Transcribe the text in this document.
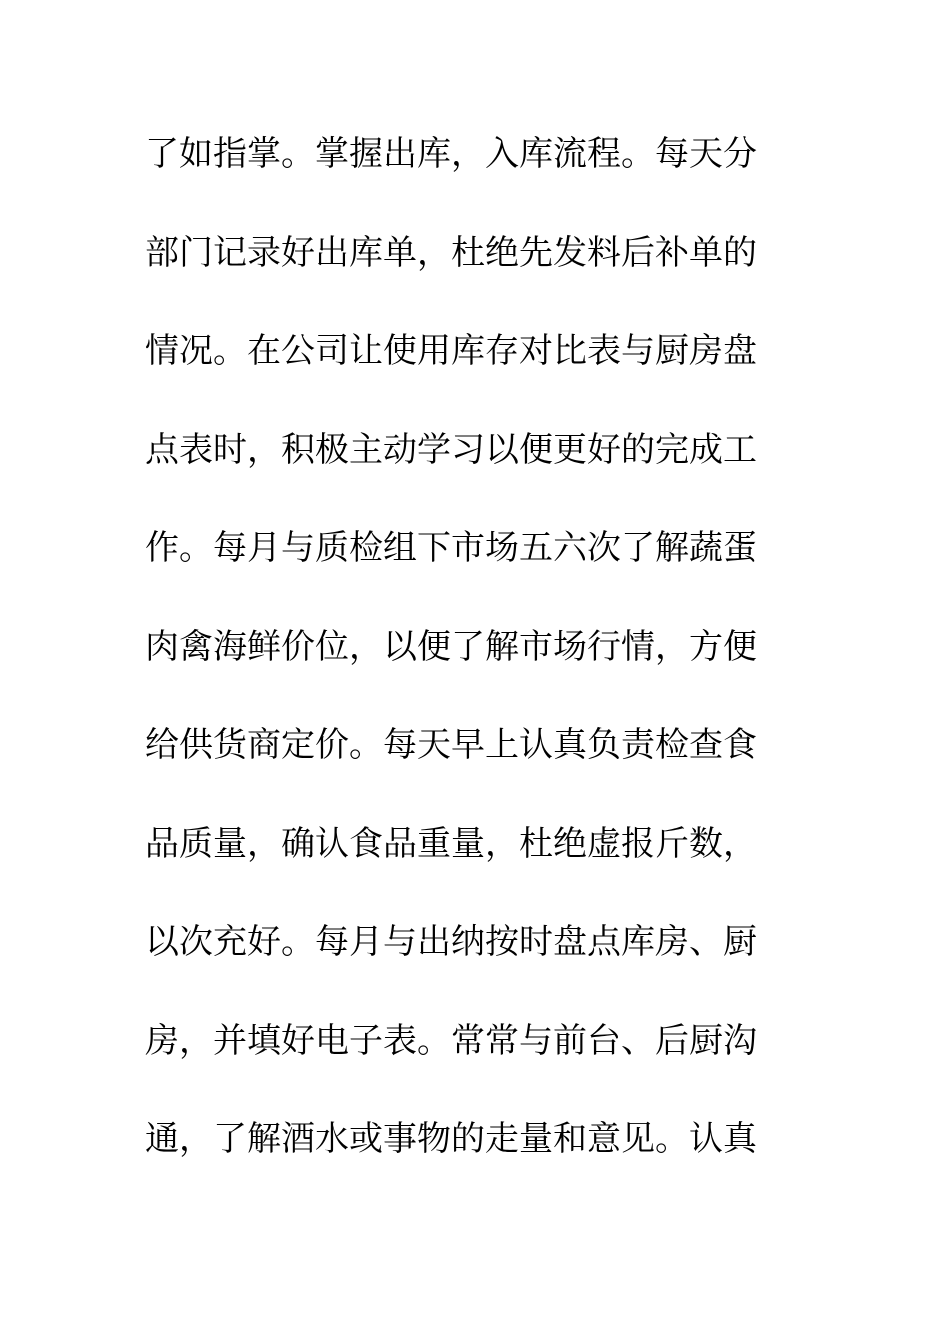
了如指掌。掌握出库，入库流程。每天分
部门记录好出库单，杜绝先发料后补单的
情况。在公司让使用库存对比表与厨房盘
点表时，积极主动学习以便更好的完成工
作。每月与质检组下市场五六次了解蔬蛋
肉禽海鲜价位，以便了解市场行情，方便
给供货商定价。每天早上认真负责检查食
品质量，确认食品重量，杜绝虚报斤数，
以次充好。每月与出纳按时盘点库房、厨
房，并填好电子表。常常与前台、后厨沟
通，了解酒水或事物的走量和意见。认真
